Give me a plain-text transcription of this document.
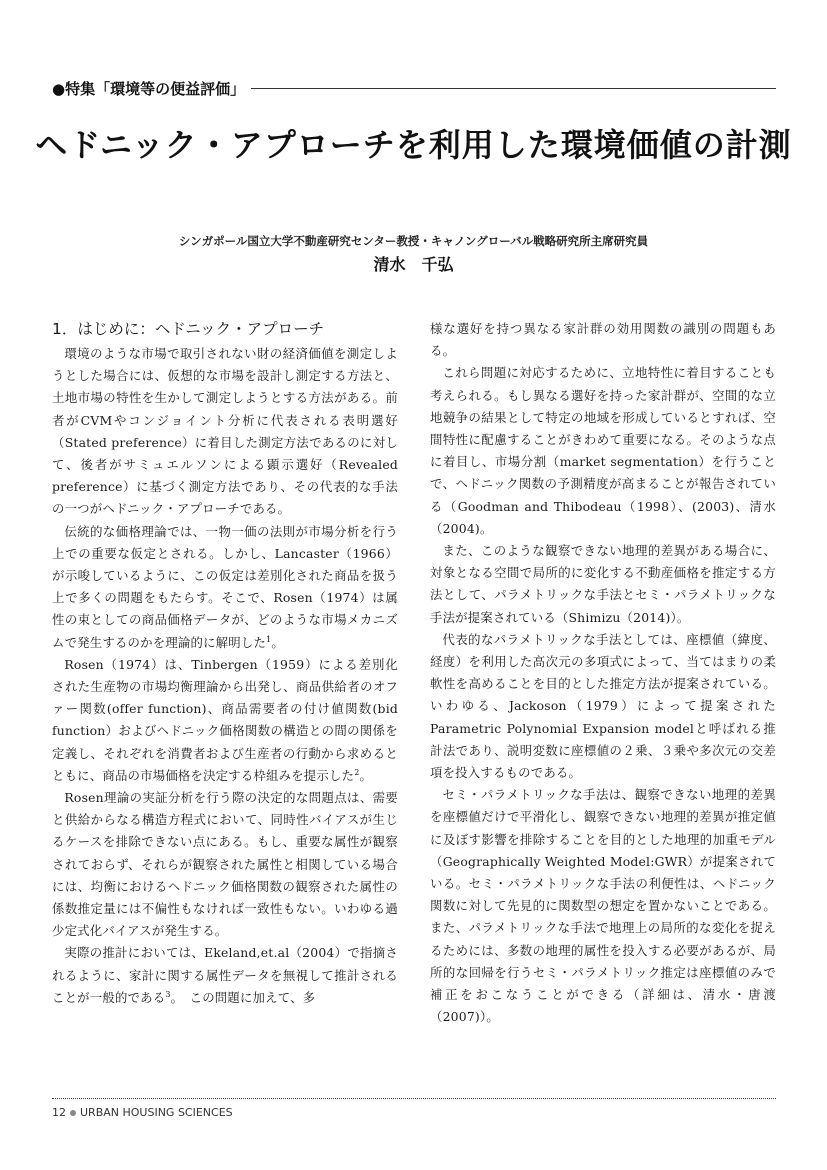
●特集「環境等の便益評価」
ヘドニック・アプローチを利用した環境価値の計測
シンガポール国立大学不動産研究センター教授・キャノングローバル戦略研究所主席研究員
清水　千弘
1．はじめに：ヘドニック・アプローチ

環境のような市場で取引されない財の経済価値を測定しようとした場合には、仮想的な市場を設計し測定する方法と、土地市場の特性を生かして測定しようとする方法がある。前者がCVMやコンジョイント分析に代表される表明選好（Stated preference）に着目した測定方法であるのに対して、後者がサミュエルソンによる顕示選好（Revealed preference）に基づく測定方法であり、その代表的な手法の一つがヘドニック・アプローチである。

伝統的な価格理論では、一物一価の法則が市場分析を行う上での重要な仮定とされる。しかし、Lancaster（1966）が示唆しているように、この仮定は差別化された商品を扱う上で多くの問題をもたらす。そこで、Rosen（1974）は属性の束としての商品価格データが、どのような市場メカニズムで発生するのかを理論的に解明した$^1$。

Rosen（1974）は、Tinbergen（1959）による差別化された生産物の市場均衡理論から出発し、商品供給者のオファー関数(offer function)、商品需要者の付け値関数(bid function）およびヘドニック価格関数の構造との間の関係を定義し、それぞれを消費者および生産者の行動から求めるとともに、商品の市場価格を決定する枠組みを提示した$^2$。

Rosen理論の実証分析を行う際の決定的な問題点は、需要と供給からなる構造方程式において、同時性バイアスが生じるケースを排除できない点にある。もし、重要な属性が観察されておらず、それらが観察された属性と相関している場合には、均衡におけるヘドニック価格関数の観察された属性の係数推定量には不偏性もなければ一致性もない。いわゆる過少定式化バイアスが発生する。

実際の推計においては、Ekeland,et.al（2004）で指摘されるように、家計に関する属性データを無視して推計されることが一般的である$^3$。　この問題に加えて、多

様な選好を持つ異なる家計群の効用関数の識別の問題もある。

これら問題に対応するために、立地特性に着目することも考えられる。もし異なる選好を持った家計群が、空間的な立地競争の結果として特定の地域を形成しているとすれば、空間特性に配慮することがきわめて重要になる。そのような点に着目し、市場分割（market segmentation）を行うことで、ヘドニック関数の予測精度が高まることが報告されている（Goodman and Thibodeau（1998）、(2003)、清水（2004)。

また、このような観察できない地理的差異がある場合に、対象となる空間で局所的に変化する不動産価格を推定する方法として、パラメトリックな手法とセミ・パラメトリックな手法が提案されている（Shimizu（2014)）。

代表的なパラメトリックな手法としては、座標値（緯度、経度）を利用した高次元の多項式によって、当てはまりの柔軟性を高めることを目的とした推定方法が提案されている。いわゆる、Jackoson（1979）によって提案されたParametric Polynomial Expansion modelと呼ばれる推計法であり、説明変数に座標値の２乗、３乗や多次元の交差項を投入するものである。

セミ・パラメトリックな手法は、観察できない地理的差異を座標値だけで平滑化し、観察できない地理的差異が推定値に及ぼす影響を排除することを目的とした地理的加重モデル（Geographically Weighted Model:GWR）が提案されている。セミ・パラメトリックな手法の利便性は、ヘドニック関数に対して先見的に関数型の想定を置かないことである。また、パラメトリックな手法で地理上の局所的な変化を捉えるためには、多数の地理的属性を投入する必要があるが、局所的な回帰を行うセミ・パラメトリック推定は座標値のみで補正をおこなうことができる（詳細は、清水・唐渡（2007)）。

12 URBAN HOUSING SCIENCES
